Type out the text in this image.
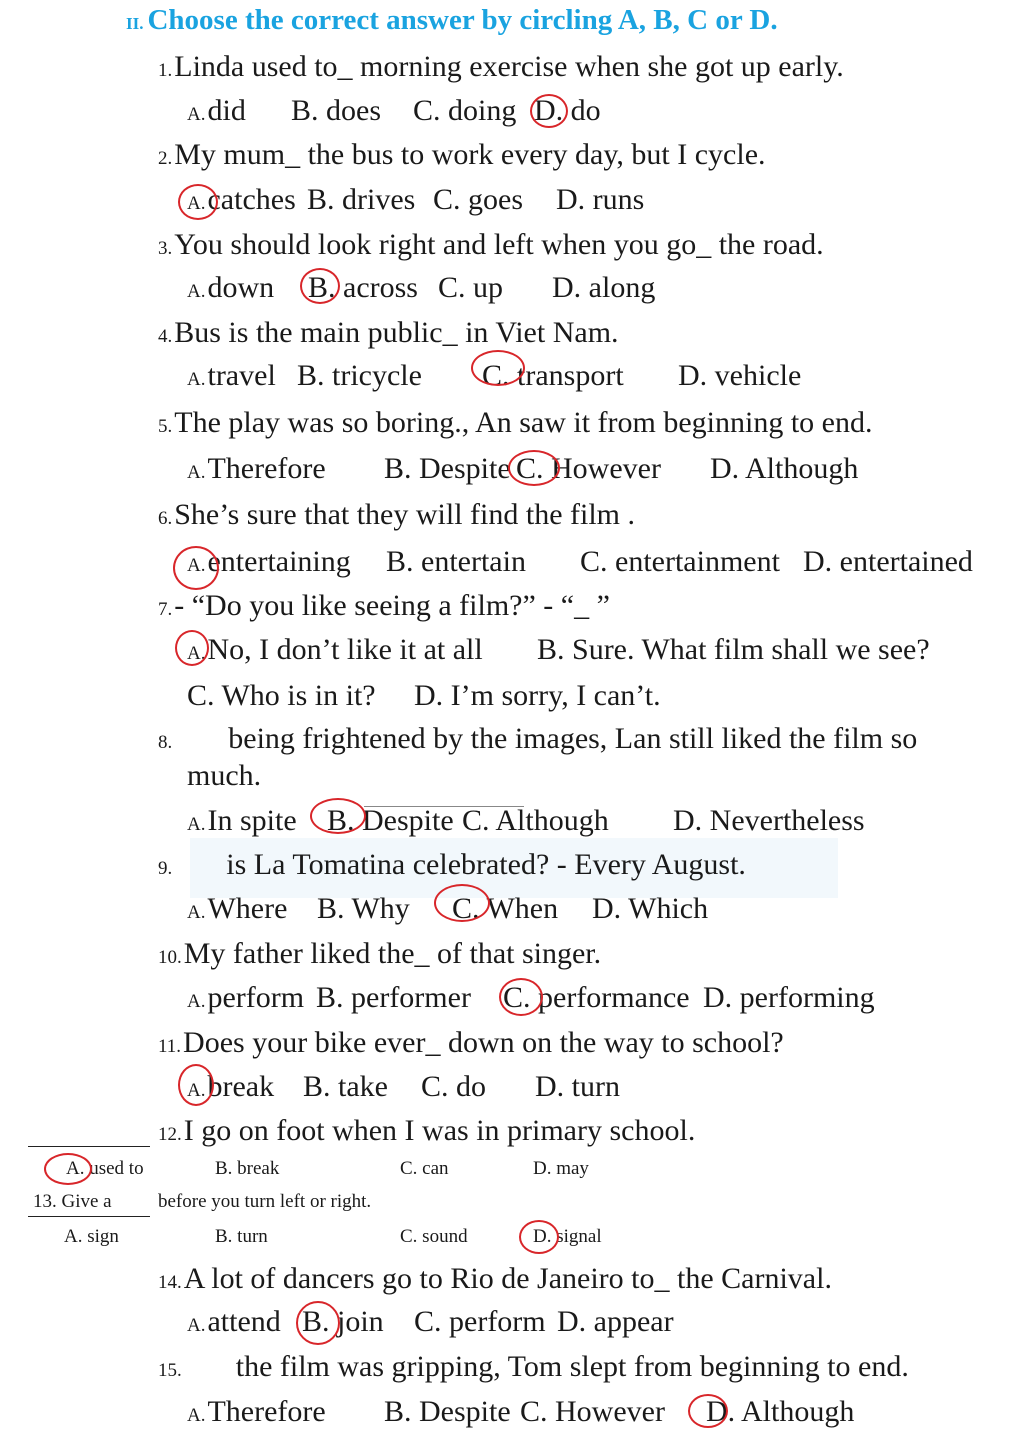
II. Choose the correct answer by circling A, B, C or D.
1.Linda used to_ morning exercise when she got up early.
A.did B. does C. doing D. do
2.My mum_ the bus to work every day, but I cycle.
A.catches B. drives C. goes D. runs
3.You should look right and left when you go_ the road.
A.down B. across C. up D. along
4.Bus is the main public_ in Viet Nam.
A.travel B. tricycle C. transport D. vehicle
5.The play was so boring., An saw it from beginning to end.
A.Therefore B. Despite C. However D. Although
6.She’s sure that they will find the film .
A.entertaining B. entertain C. entertainment D. entertained
7.- “Do you like seeing a film?” - “_ ”
A.No, I don’t like it at all B. Sure. What film shall we see?
C. Who is in it? D. I’m sorry, I can’t.
8. being frightened by the images, Lan still liked the film so
much.
A.In spite B. Despite C. Although D. Nevertheless
9. is La Tomatina celebrated? - Every August.
A.Where B. Why C. When D. Which
10.My father liked the_ of that singer.
A.perform B. performer C. performance D. performing
11.Does your bike ever_ down on the way to school?
A.break B. take C. do D. turn
12.I go on foot when I was in primary school.
A. used to	B. break	C. can	D. may
13. Give a before you turn left or right.
A. sign	B. turn	C. sound	D. signal
14.A lot of dancers go to Rio de Janeiro to_ the Carnival.
A.attend B. join C. perform D. appear
15. the film was gripping, Tom slept from beginning to end.
A.Therefore B. Despite C. However D. Although
